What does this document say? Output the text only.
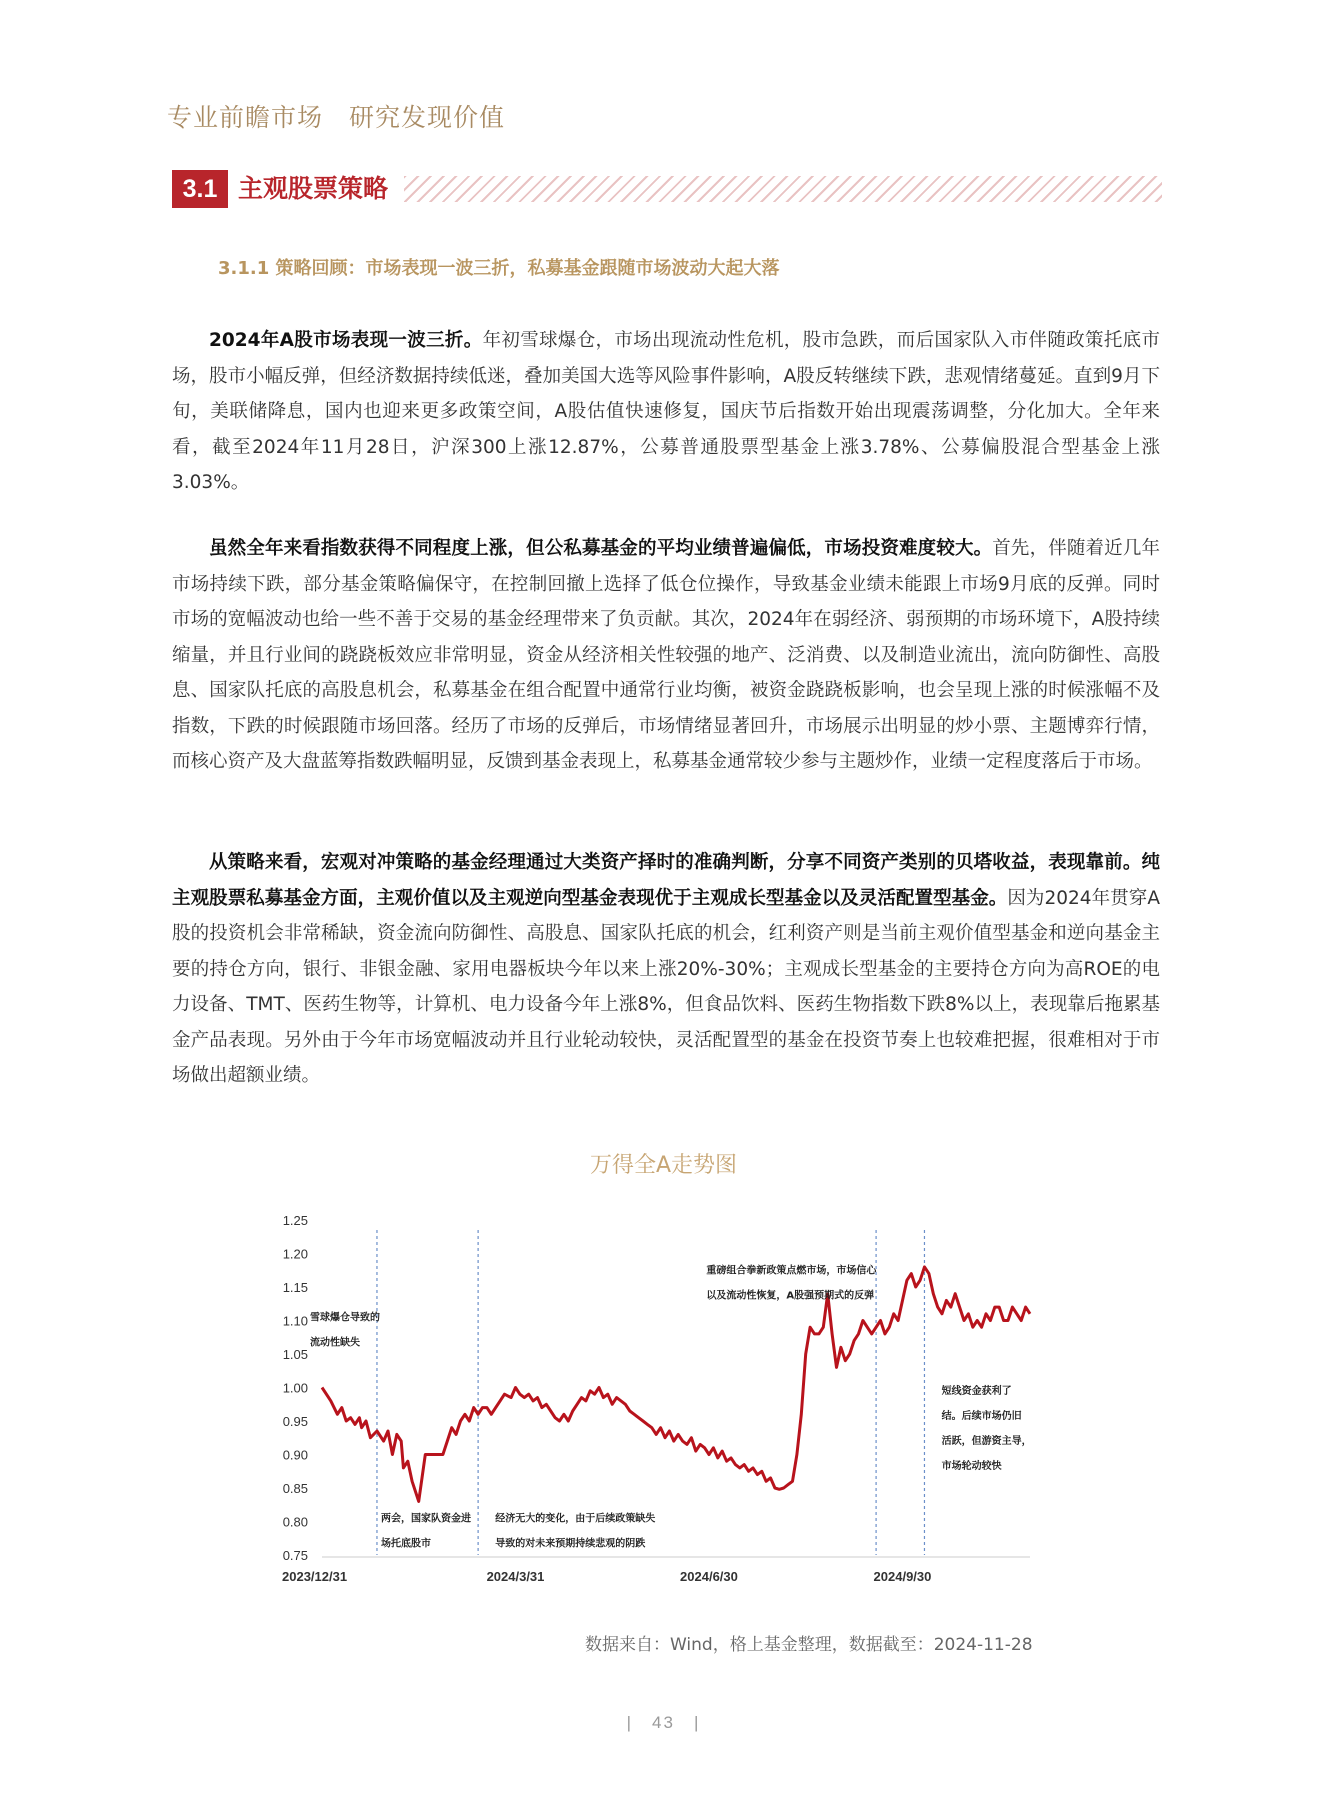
专业前瞻市场　研究发现价值
3.1 主观股票策略
3.1.1 策略回顾：市场表现一波三折，私募基金跟随市场波动大起大落

2024年A股市场表现一波三折。年初雪球爆仓，市场出现流动性危机，股市急跌，而后国家队入市伴随政策托底市场，股市小幅反弹，但经济数据持续低迷，叠加美国大选等风险事件影响，A股反转继续下跌，悲观情绪蔓延。直到9月下旬，美联储降息，国内也迎来更多政策空间，A股估值快速修复，国庆节后指数开始出现震荡调整，分化加大。全年来看，截至2024年11月28日，沪深300上涨12.87%，公募普通股票型基金上涨3.78%、公募偏股混合型基金上涨3.03%。

虽然全年来看指数获得不同程度上涨，但公私募基金的平均业绩普遍偏低，市场投资难度较大。首先，伴随着近几年市场持续下跌，部分基金策略偏保守，在控制回撤上选择了低仓位操作，导致基金业绩未能跟上市场9月底的反弹。同时市场的宽幅波动也给一些不善于交易的基金经理带来了负贡献。其次，2024年在弱经济、弱预期的市场环境下，A股持续缩量，并且行业间的跷跷板效应非常明显，资金从经济相关性较强的地产、泛消费、以及制造业流出，流向防御性、高股息、国家队托底的高股息机会，私募基金在组合配置中通常行业均衡，被资金跷跷板影响，也会呈现上涨的时候涨幅不及指数，下跌的时候跟随市场回落。经历了市场的反弹后，市场情绪显著回升，市场展示出明显的炒小票、主题博弈行情，而核心资产及大盘蓝筹指数跌幅明显，反馈到基金表现上，私募基金通常较少参与主题炒作，业绩一定程度落后于市场。

从策略来看，宏观对冲策略的基金经理通过大类资产择时的准确判断，分享不同资产类别的贝塔收益，表现靠前。纯主观股票私募基金方面，主观价值以及主观逆向型基金表现优于主观成长型基金以及灵活配置型基金。因为2024年贯穿A股的投资机会非常稀缺，资金流向防御性、高股息、国家队托底的机会，红利资产则是当前主观价值型基金和逆向基金主要的持仓方向，银行、非银金融、家用电器板块今年以来上涨20%-30%；主观成长型基金的主要持仓方向为高ROE的电力设备、TMT、医药生物等，计算机、电力设备今年上涨8%，但食品饮料、医药生物指数下跌8%以上，表现靠后拖累基金产品表现。另外由于今年市场宽幅波动并且行业轮动较快，灵活配置型的基金在投资节奏上也较难把握，很难相对于市场做出超额业绩。

万得全A走势图
1.25
1.20
1.15
1.10
1.05
1.00
0.95
0.90
0.85
0.80
0.75
2023/12/31	2024/3/31	2024/6/30	2024/9/30
雪球爆仓导致的
流动性缺失
两会，国家队资金进
场托底股市
经济无大的变化，由于后续政策缺失
导致的对未来预期持续悲观的阴跌
重磅组合拳新政策点燃市场，市场信心
以及流动性恢复，A股强预期式的反弹
短线资金获利了
结。后续市场仍旧
活跃，但游资主导，
市场轮动较快
数据来自：Wind，格上基金整理，数据截至：2024-11-28
|　43　|
